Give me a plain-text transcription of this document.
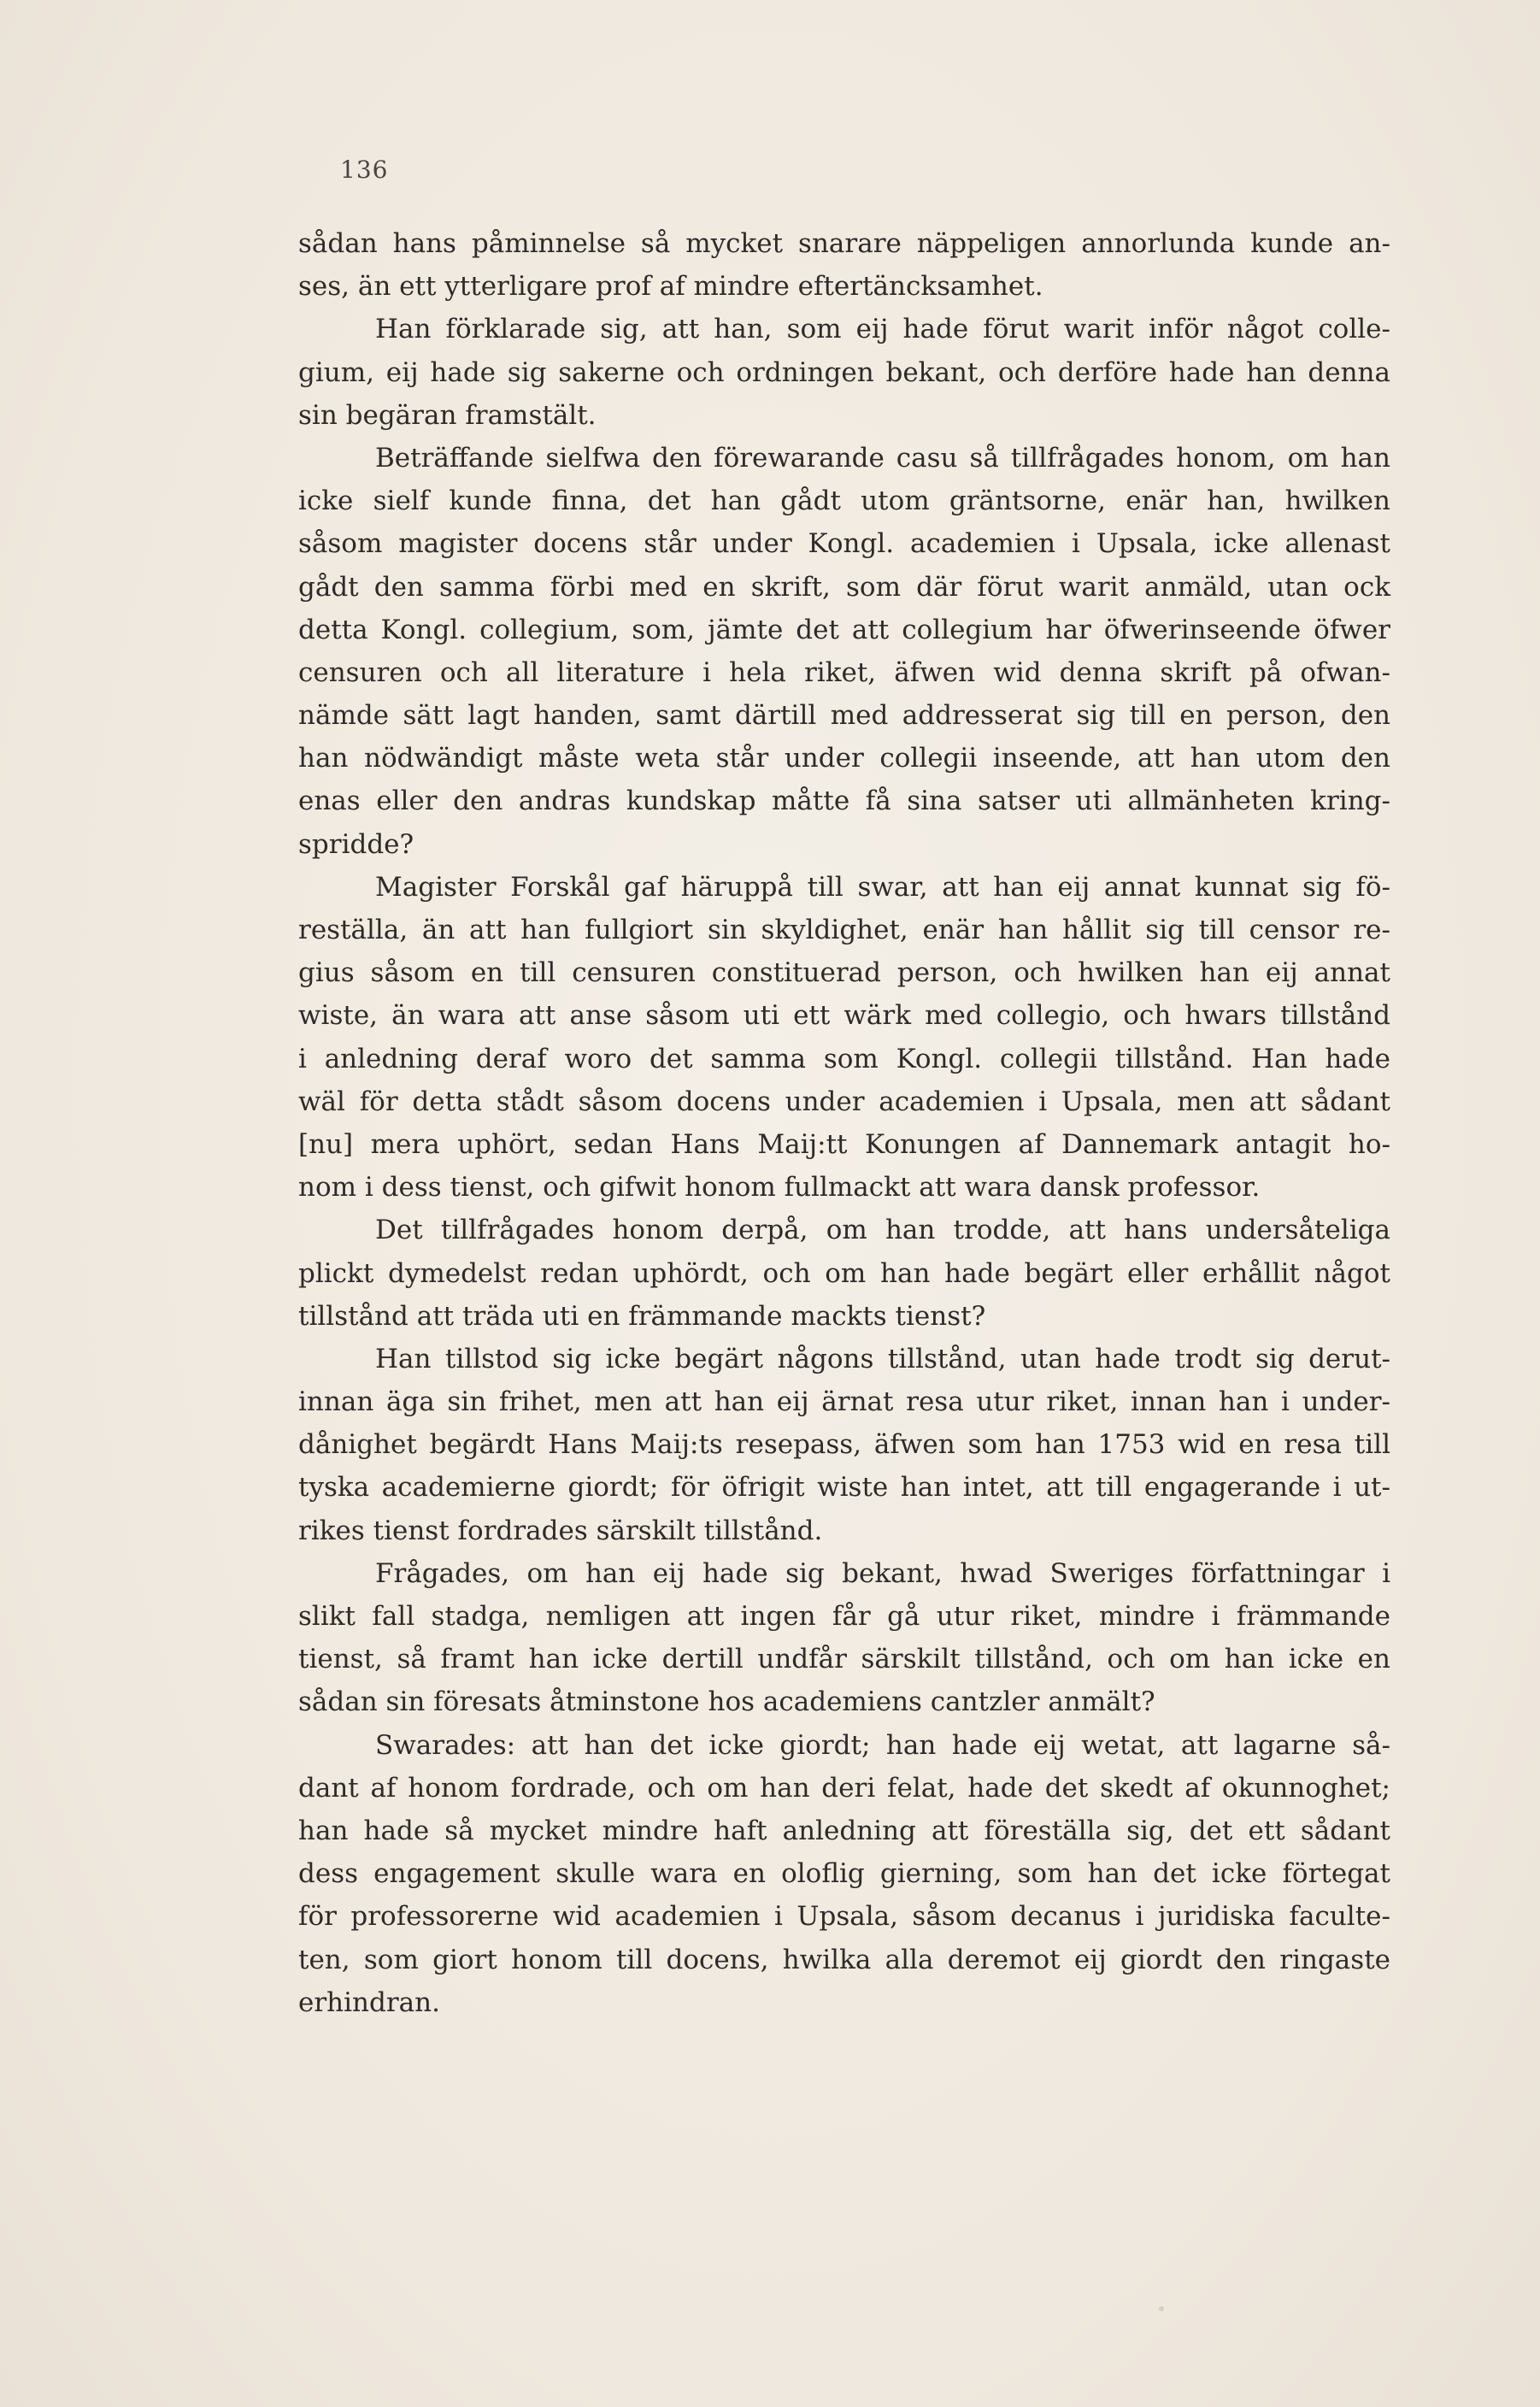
136
sådan hans påminnelse så mycket snarare näppeligen annorlunda kunde an-
ses, än ett ytterligare prof af mindre eftertäncksamhet.
Han förklarade sig, att han, som eij hade förut warit inför något colle-
gium, eij hade sig sakerne och ordningen bekant, och derföre hade han denna
sin begäran framstält.
Beträffande sielfwa den förewarande casu så tillfrågades honom, om han
icke sielf kunde finna, det han gådt utom gräntsorne, enär han, hwilken
såsom magister docens står under Kongl. academien i Upsala, icke allenast
gådt den samma förbi med en skrift, som där förut warit anmäld, utan ock
detta Kongl. collegium, som, jämte det att collegium har öfwerinseende öfwer
censuren och all literature i hela riket, äfwen wid denna skrift på ofwan-
nämde sätt lagt handen, samt därtill med addresserat sig till en person, den
han nödwändigt måste weta står under collegii inseende, att han utom den
enas eller den andras kundskap måtte få sina satser uti allmänheten kring-
spridde?
Magister Forskål gaf häruppå till swar, att han eij annat kunnat sig fö-
reställa, än att han fullgiort sin skyldighet, enär han hållit sig till censor re-
gius såsom en till censuren constituerad person, och hwilken han eij annat
wiste, än wara att anse såsom uti ett wärk med collegio, och hwars tillstånd
i anledning deraf woro det samma som Kongl. collegii tillstånd. Han hade
wäl för detta stådt såsom docens under academien i Upsala, men att sådant
[nu] mera uphört, sedan Hans Maij:tt Konungen af Dannemark antagit ho-
nom i dess tienst, och gifwit honom fullmackt att wara dansk professor.
Det tillfrågades honom derpå, om han trodde, att hans undersåteliga
plickt dymedelst redan uphördt, och om han hade begärt eller erhållit något
tillstånd att träda uti en främmande mackts tienst?
Han tillstod sig icke begärt någons tillstånd, utan hade trodt sig derut-
innan äga sin frihet, men att han eij ärnat resa utur riket, innan han i under-
dånighet begärdt Hans Maij:ts resepass, äfwen som han 1753 wid en resa till
tyska academierne giordt; för öfrigit wiste han intet, att till engagerande i ut-
rikes tienst fordrades särskilt tillstånd.
Frågades, om han eij hade sig bekant, hwad Sweriges författningar i
slikt fall stadga, nemligen att ingen får gå utur riket, mindre i främmande
tienst, så framt han icke dertill undfår särskilt tillstånd, och om han icke en
sådan sin föresats åtminstone hos academiens cantzler anmält?
Swarades: att han det icke giordt; han hade eij wetat, att lagarne så-
dant af honom fordrade, och om han deri felat, hade det skedt af okunnoghet;
han hade så mycket mindre haft anledning att föreställa sig, det ett sådant
dess engagement skulle wara en oloflig gierning, som han det icke förtegat
för professorerne wid academien i Upsala, såsom decanus i juridiska faculte-
ten, som giort honom till docens, hwilka alla deremot eij giordt den ringaste
erhindran.
